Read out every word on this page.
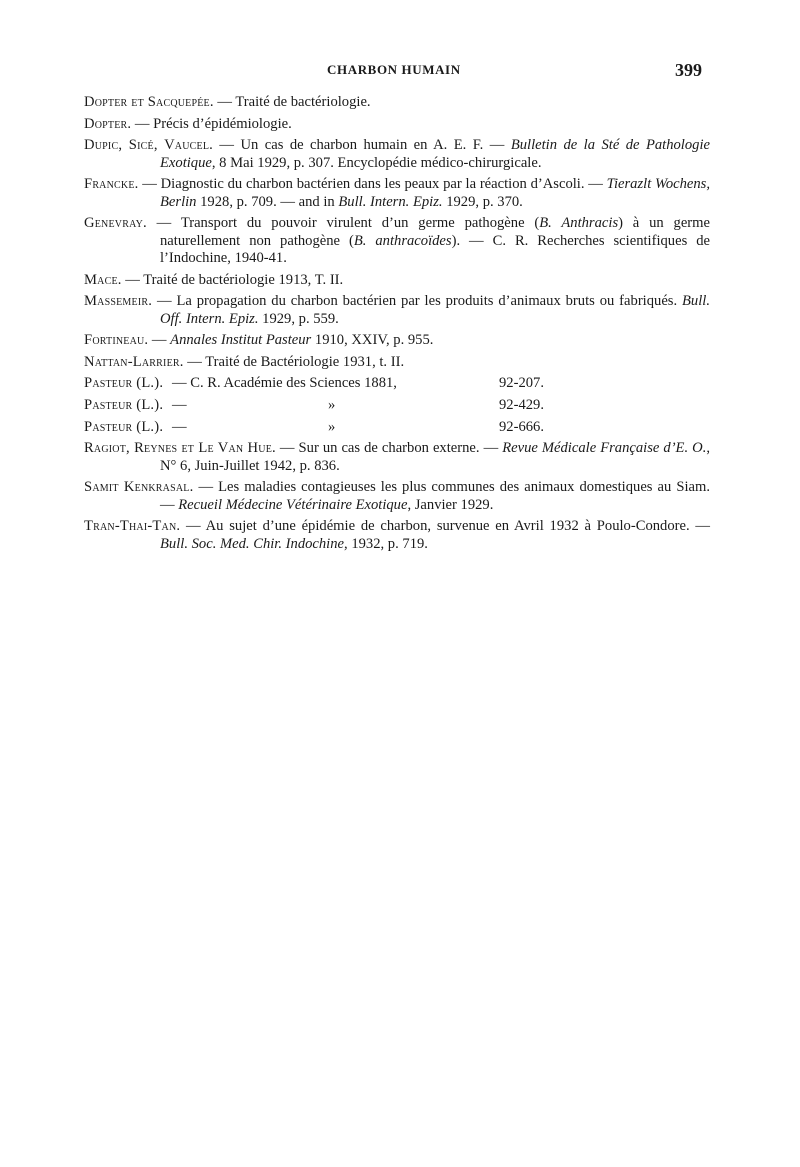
CHARBON HUMAIN	399

Dopter et Sacquepée. — Traité de bactériologie.

Dopter. — Précis d’épidémiologie.

Dupic, Sicé, Vaucel. — Un cas de charbon humain en A. E. F. — Bulletin de la Sté de Pathologie Exotique, 8 Mai 1929, p. 307. Encyclopédie médico-chirurgicale.

Francke. — Diagnostic du charbon bactérien dans les peaux par la réaction d’Ascoli. — Tierazlt Wochens, Berlin 1928, p. 709. — and in Bull. Intern. Epiz. 1929, p. 370.

Genevray. — Transport du pouvoir virulent d’un germe pathogène (B. Anthracis) à un germe naturellement non pathogène (B. anthracoïdes). — C. R. Recherches scientifiques de l’Indochine, 1940-41.

Mace. — Traité de bactériologie 1913, T. II.

Massemeir. — La propagation du charbon bactérien par les produits d’animaux bruts ou fabriqués. Bull. Off. Intern. Epiz. 1929, p. 559.

Fortineau. — Annales Institut Pasteur 1910, XXIV, p. 955.

Nattan-Larrier. — Traité de Bactériologie 1931, t. II.

Pasteur (L.). — C. R. Académie des Sciences 1881,	92-207.
Pasteur (L.). —	»	92-429.
Pasteur (L.). —	»	92-666.

Ragiot, Reynes et Le Van Hue. — Sur un cas de charbon externe. — Revue Médicale Française d’E. O., N° 6, Juin-Juillet 1942, p. 836.

Samit Kenkrasal. — Les maladies contagieuses les plus communes des animaux domestiques au Siam. — Recueil Médecine Vétérinaire Exotique, Janvier 1929.

Tran-Thai-Tan. — Au sujet d’une épidémie de charbon, survenue en Avril 1932 à Poulo-Condore. — Bull. Soc. Med. Chir. Indochine, 1932, p. 719.
